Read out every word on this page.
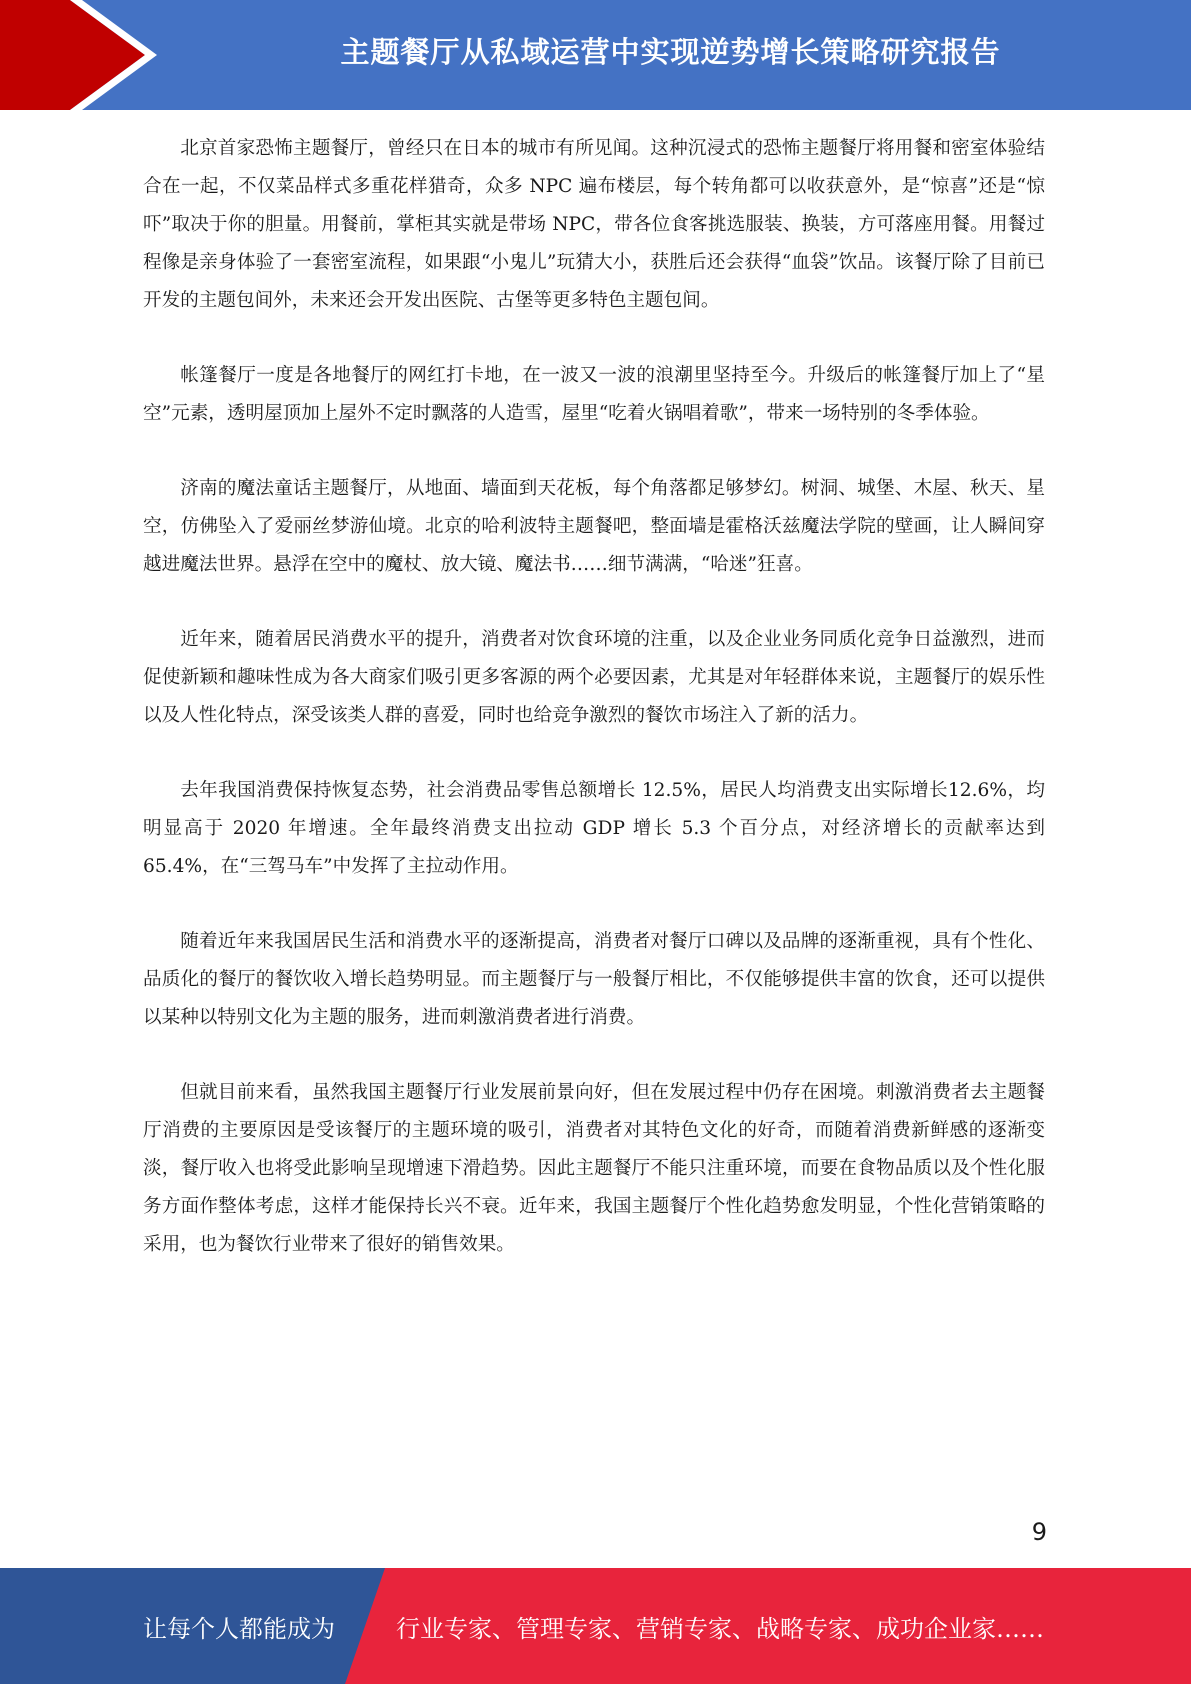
主题餐厅从私域运营中实现逆势增长策略研究报告

北京首家恐怖主题餐厅，曾经只在日本的城市有所见闻。这种沉浸式的恐怖主题餐厅将用餐和密室体验结合在一起，不仅菜品样式多重花样猎奇，众多 NPC 遍布楼层，每个转角都可以收获意外，是“惊喜”还是“惊吓”取决于你的胆量。用餐前，掌柜其实就是带场 NPC，带各位食客挑选服装、换装，方可落座用餐。用餐过程像是亲身体验了一套密室流程，如果跟“小鬼儿”玩猜大小，获胜后还会获得“血袋”饮品。该餐厅除了目前已开发的主题包间外，未来还会开发出医院、古堡等更多特色主题包间。

帐篷餐厅一度是各地餐厅的网红打卡地，在一波又一波的浪潮里坚持至今。升级后的帐篷餐厅加上了“星空”元素，透明屋顶加上屋外不定时飘落的人造雪，屋里“吃着火锅唱着歌”，带来一场特别的冬季体验。

济南的魔法童话主题餐厅，从地面、墙面到天花板，每个角落都足够梦幻。树洞、城堡、木屋、秋天、星空，仿佛坠入了爱丽丝梦游仙境。北京的哈利波特主题餐吧，整面墙是霍格沃兹魔法学院的壁画，让人瞬间穿越进魔法世界。悬浮在空中的魔杖、放大镜、魔法书……细节满满，“哈迷”狂喜。

近年来，随着居民消费水平的提升，消费者对饮食环境的注重，以及企业业务同质化竞争日益激烈，进而促使新颖和趣味性成为各大商家们吸引更多客源的两个必要因素，尤其是对年轻群体来说，主题餐厅的娱乐性以及人性化特点，深受该类人群的喜爱，同时也给竞争激烈的餐饮市场注入了新的活力。

去年我国消费保持恢复态势，社会消费品零售总额增长 12.5%，居民人均消费支出实际增长12.6%，均明显高于 2020 年增速。全年最终消费支出拉动 GDP 增长 5.3 个百分点，对经济增长的贡献率达到 65.4%，在“三驾马车”中发挥了主拉动作用。

随着近年来我国居民生活和消费水平的逐渐提高，消费者对餐厅口碑以及品牌的逐渐重视，具有个性化、品质化的餐厅的餐饮收入增长趋势明显。而主题餐厅与一般餐厅相比，不仅能够提供丰富的饮食，还可以提供以某种以特别文化为主题的服务，进而刺激消费者进行消费。

但就目前来看，虽然我国主题餐厅行业发展前景向好，但在发展过程中仍存在困境。刺激消费者去主题餐厅消费的主要原因是受该餐厅的主题环境的吸引，消费者对其特色文化的好奇，而随着消费新鲜感的逐渐变淡，餐厅收入也将受此影响呈现增速下滑趋势。因此主题餐厅不能只注重环境，而要在食物品质以及个性化服务方面作整体考虑，这样才能保持长兴不衰。近年来，我国主题餐厅个性化趋势愈发明显，个性化营销策略的采用，也为餐饮行业带来了很好的销售效果。

9
让每个人都能成为	行业专家、管理专家、营销专家、战略专家、成功企业家……
